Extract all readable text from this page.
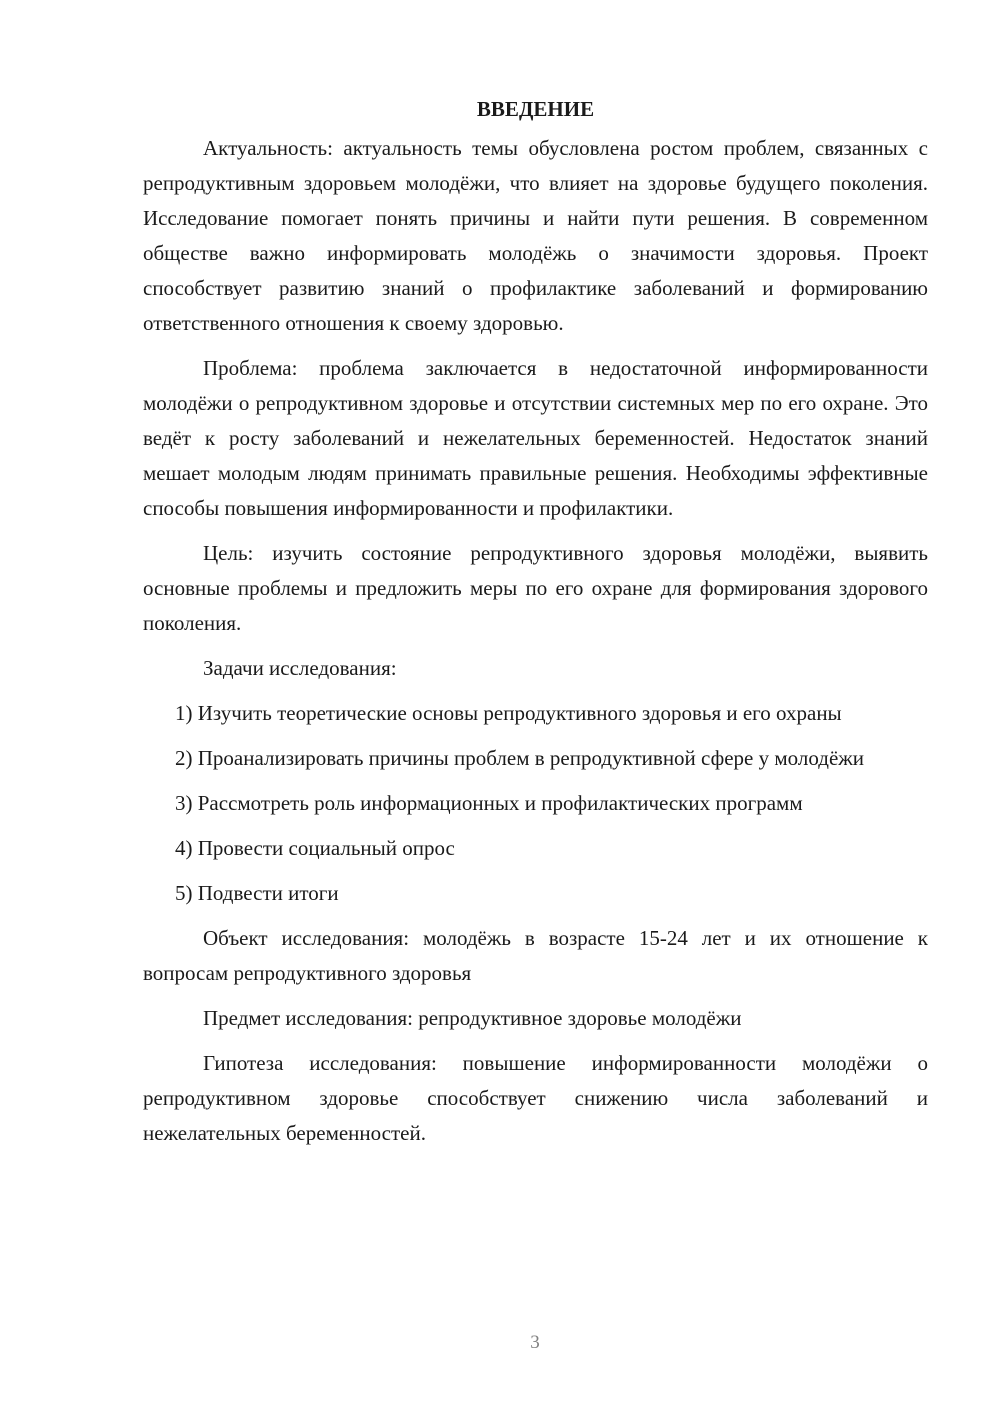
ВВЕДЕНИЕ

Актуальность: актуальность темы обусловлена ростом проблем, связанных с репродуктивным здоровьем молодёжи, что влияет на здоровье будущего поколения. Исследование помогает понять причины и найти пути решения. В современном обществе важно информировать молодёжь о значимости здоровья. Проект способствует развитию знаний о профилактике заболеваний и формированию ответственного отношения к своему здоровью.

Проблема: проблема заключается в недостаточной информированности молодёжи о репродуктивном здоровье и отсутствии системных мер по его охране. Это ведёт к росту заболеваний и нежелательных беременностей. Недостаток знаний мешает молодым людям принимать правильные решения. Необходимы эффективные способы повышения информированности и профилактики.

Цель: изучить состояние репродуктивного здоровья молодёжи, выявить основные проблемы и предложить меры по его охране для формирования здорового поколения.

Задачи исследования:

1) Изучить теоретические основы репродуктивного здоровья и его охраны

2) Проанализировать причины проблем в репродуктивной сфере у молодёжи

3) Рассмотреть роль информационных и профилактических программ

4) Провести социальный опрос

5) Подвести итоги

Объект исследования: молодёжь в возрасте 15-24 лет и их отношение к вопросам репродуктивного здоровья

Предмет исследования: репродуктивное здоровье молодёжи

Гипотеза исследования: повышение информированности молодёжи о репродуктивном здоровье способствует снижению числа заболеваний и нежелательных беременностей.

3
